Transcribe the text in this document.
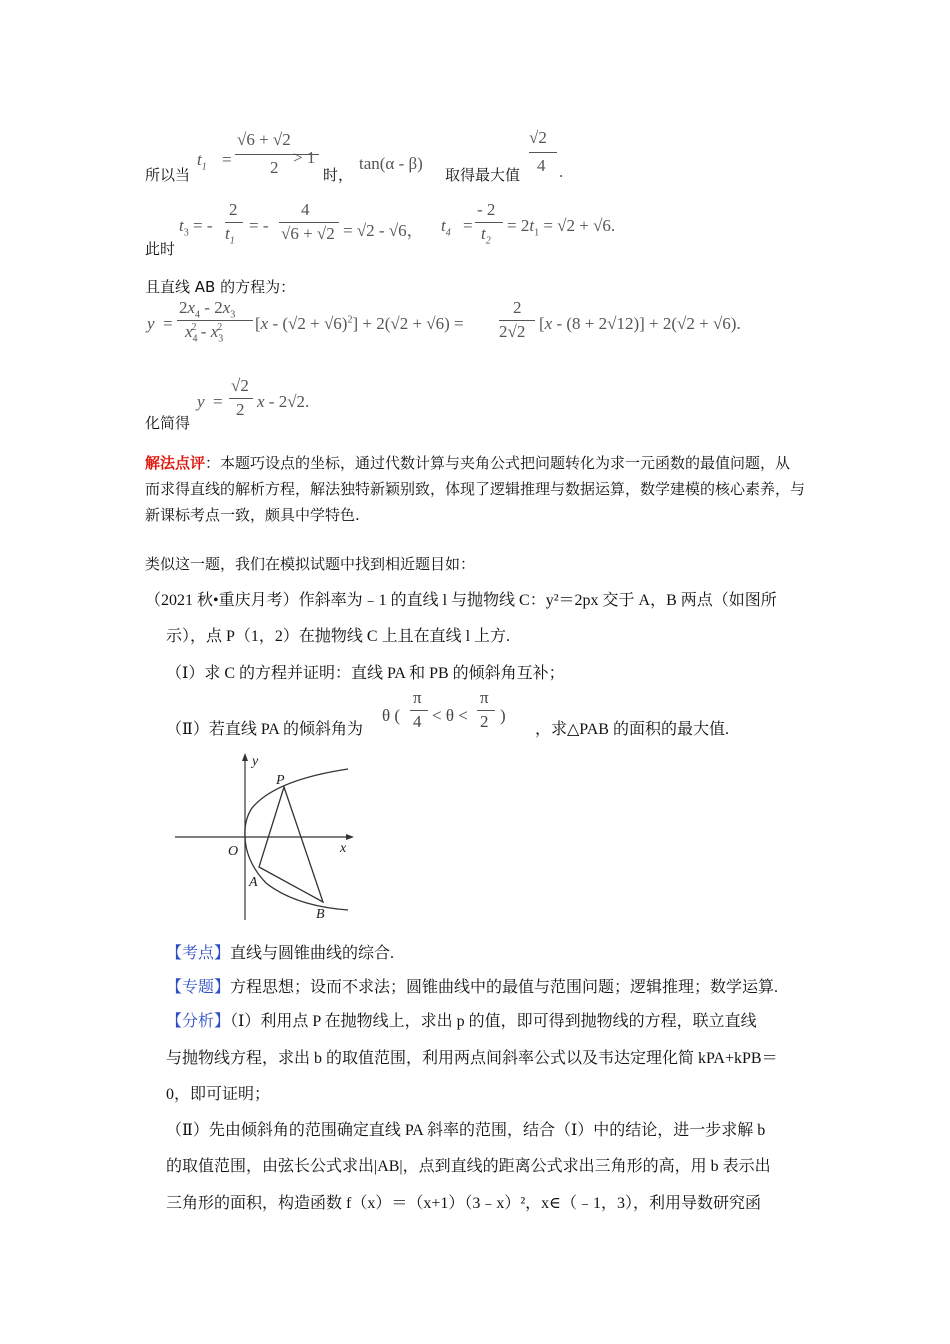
所以当
$t_1$ =
√6 + √2
2
> 1
时，
tan(α - β)
取得最大值
√2
4 .
此时
$t_3$ = -
2
$t_1$
= -
4
√6 + √2 = √2 - √6， $t_4$ =
- 2
$t_2$
= $2t_1 = √2 + √6$.
且直线 AB 的方程为：
y =
$2x_4 - 2x_3$
$x_4^2 - x_3^2$ $[x - (√2 + √6)^2] + 2(√2 + √6)$ =
2
2√2 [x - (8 + 2√12)] + 2(√2 + √6).
化简得
y =
√2
2 x - 2√2.
解法点评：本题巧设点的坐标，通过代数计算与夹角公式把问题转化为求一元函数的最值问题，从而求得直线的解析方程，解法独特新颖别致，体现了逻辑推理与数据运算，数学建模的核心素养，与新课标考点一致，颇具中学特色.
类似这一题，我们在模拟试题中找到相近题目如：
（2021 秋•重庆月考）作斜率为﹣1 的直线 l 与抛物线 C：y²＝2px 交于 A，B 两点（如图所
示），点 P（1，2）在抛物线 C 上且在直线 l 上方.
（Ⅰ）求 C 的方程并证明：直线 PA 和 PB 的倾斜角互补；
（Ⅱ）若直线 PA 的倾斜角为
θ (
π
4 < θ <
π
2 )
，求△PAB 的面积的最大值.
y
x
O
P
A
B
【考点】直线与圆锥曲线的综合.
【专题】方程思想；设而不求法；圆锥曲线中的最值与范围问题；逻辑推理；数学运算.
【分析】（Ⅰ）利用点 P 在抛物线上，求出 p 的值，即可得到抛物线的方程，联立直线
与抛物线方程，求出 b 的取值范围，利用两点间斜率公式以及韦达定理化简 kPA+kPB＝
0，即可证明；
（Ⅱ）先由倾斜角的范围确定直线 PA 斜率的范围，结合（Ⅰ）中的结论，进一步求解 b
的取值范围，由弦长公式求出|AB|，点到直线的距离公式求出三角形的高，用 b 表示出
三角形的面积，构造函数 f（x）＝（x+1）（3﹣x）²，x∈（﹣1，3），利用导数研究函
